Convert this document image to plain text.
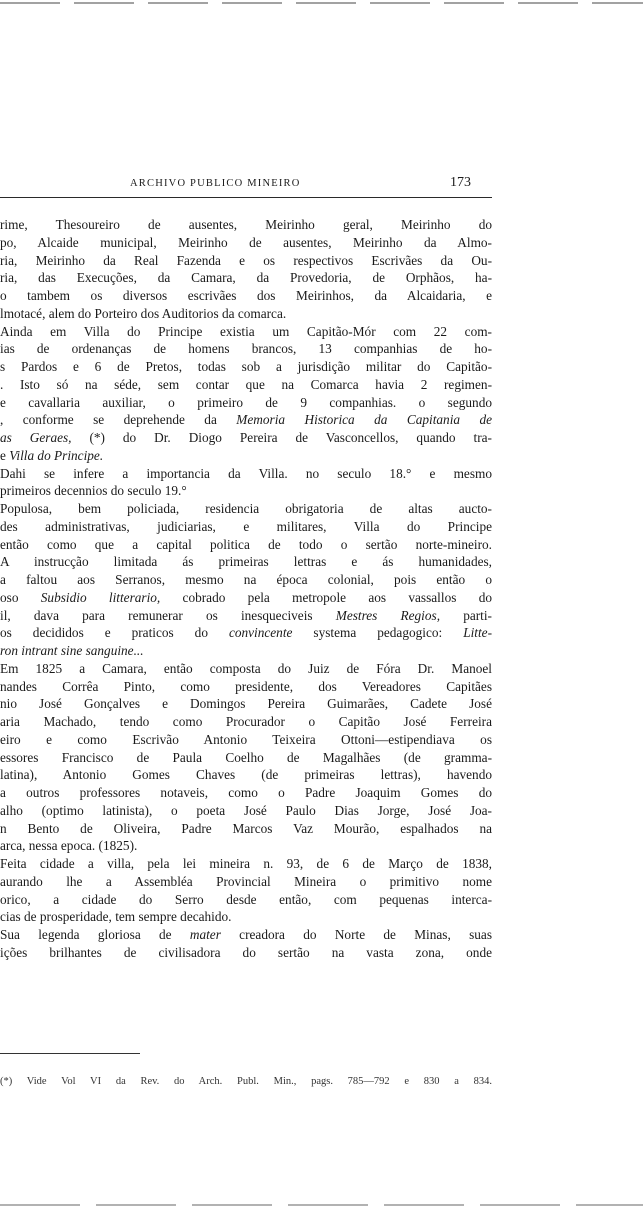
ARCHIVO PUBLICO MINEIRO	173
rime, Thesoureiro de ausentes, Meirinho geral, Meirinho do
po, Alcaide municipal, Meirinho de ausentes, Meirinho da Almo-
ria, Meirinho da Real Fazenda e os respectivos Escrivães da Ou-
ria, das Execuções, da Camara, da Provedoria, de Orphãos, ha-
o tambem os diversos escrivães dos Meirinhos, da Alcaidaria, e
lmotacé, alem do Porteiro dos Auditorios da comarca.
Ainda em Villa do Principe existia um Capitão-Mór com 22 com-
ias de ordenanças de homens brancos, 13 companhias de ho-
s Pardos e 6 de Pretos, todas sob a jurisdição militar do Capitão-
. Isto só na séde, sem contar que na Comarca havia 2 regimen-
e cavallaria auxiliar, o primeiro de 9 companhias. o segundo
, conforme se deprehende da Memoria Historica da Capitania de
as Geraes, (*) do Dr. Diogo Pereira de Vasconcellos, quando tra-
e Villa do Principe.
Dahi se infere a importancia da Villa. no seculo 18.° e mesmo
primeiros decennios do seculo 19.°
Populosa, bem policiada, residencia obrigatoria de altas aucto-
des administrativas, judiciarias, e militares, Villa do Principe
então como que a capital politica de todo o sertão norte-mineiro.
A instrucção limitada ás primeiras lettras e ás humanidades,
a faltou aos Serranos, mesmo na época colonial, pois então o
oso Subsidio litterario, cobrado pela metropole aos vassallos do
il, dava para remunerar os inesqueciveis Mestres Regios, parti-
os decididos e praticos do convincente systema pedagogico: Litte-
ron intrant sine sanguine...
Em 1825 a Camara, então composta do Juiz de Fóra Dr. Manoel
nandes Corrêa Pinto, como presidente, dos Vereadores Capitães
nio José Gonçalves e Domingos Pereira Guimarães, Cadete José
aria Machado, tendo como Procurador o Capitão José Ferreira
eiro e como Escrivão Antonio Teixeira Ottoni—estipendiava os
essores Francisco de Paula Coelho de Magalhães (de gramma-
latina), Antonio Gomes Chaves (de primeiras lettras), havendo
a outros professores notaveis, como o Padre Joaquim Gomes do
alho (optimo latinista), o poeta José Paulo Dias Jorge, José Joa-
n Bento de Oliveira, Padre Marcos Vaz Mourão, espalhados na
arca, nessa epoca. (1825).
Feita cidade a villa, pela lei mineira n. 93, de 6 de Março de 1838,
aurando lhe a Assembléa Provincial Mineira o primitivo nome
orico, a cidade do Serro desde então, com pequenas interca-
cias de prosperidade, tem sempre decahido.
Sua legenda gloriosa de mater creadora do Norte de Minas, suas
ições brilhantes de civilisadora do sertão na vasta zona, onde
(*) Vide Vol VI da Rev. do Arch. Publ. Min., pags. 785—792 e 830 a 834.
